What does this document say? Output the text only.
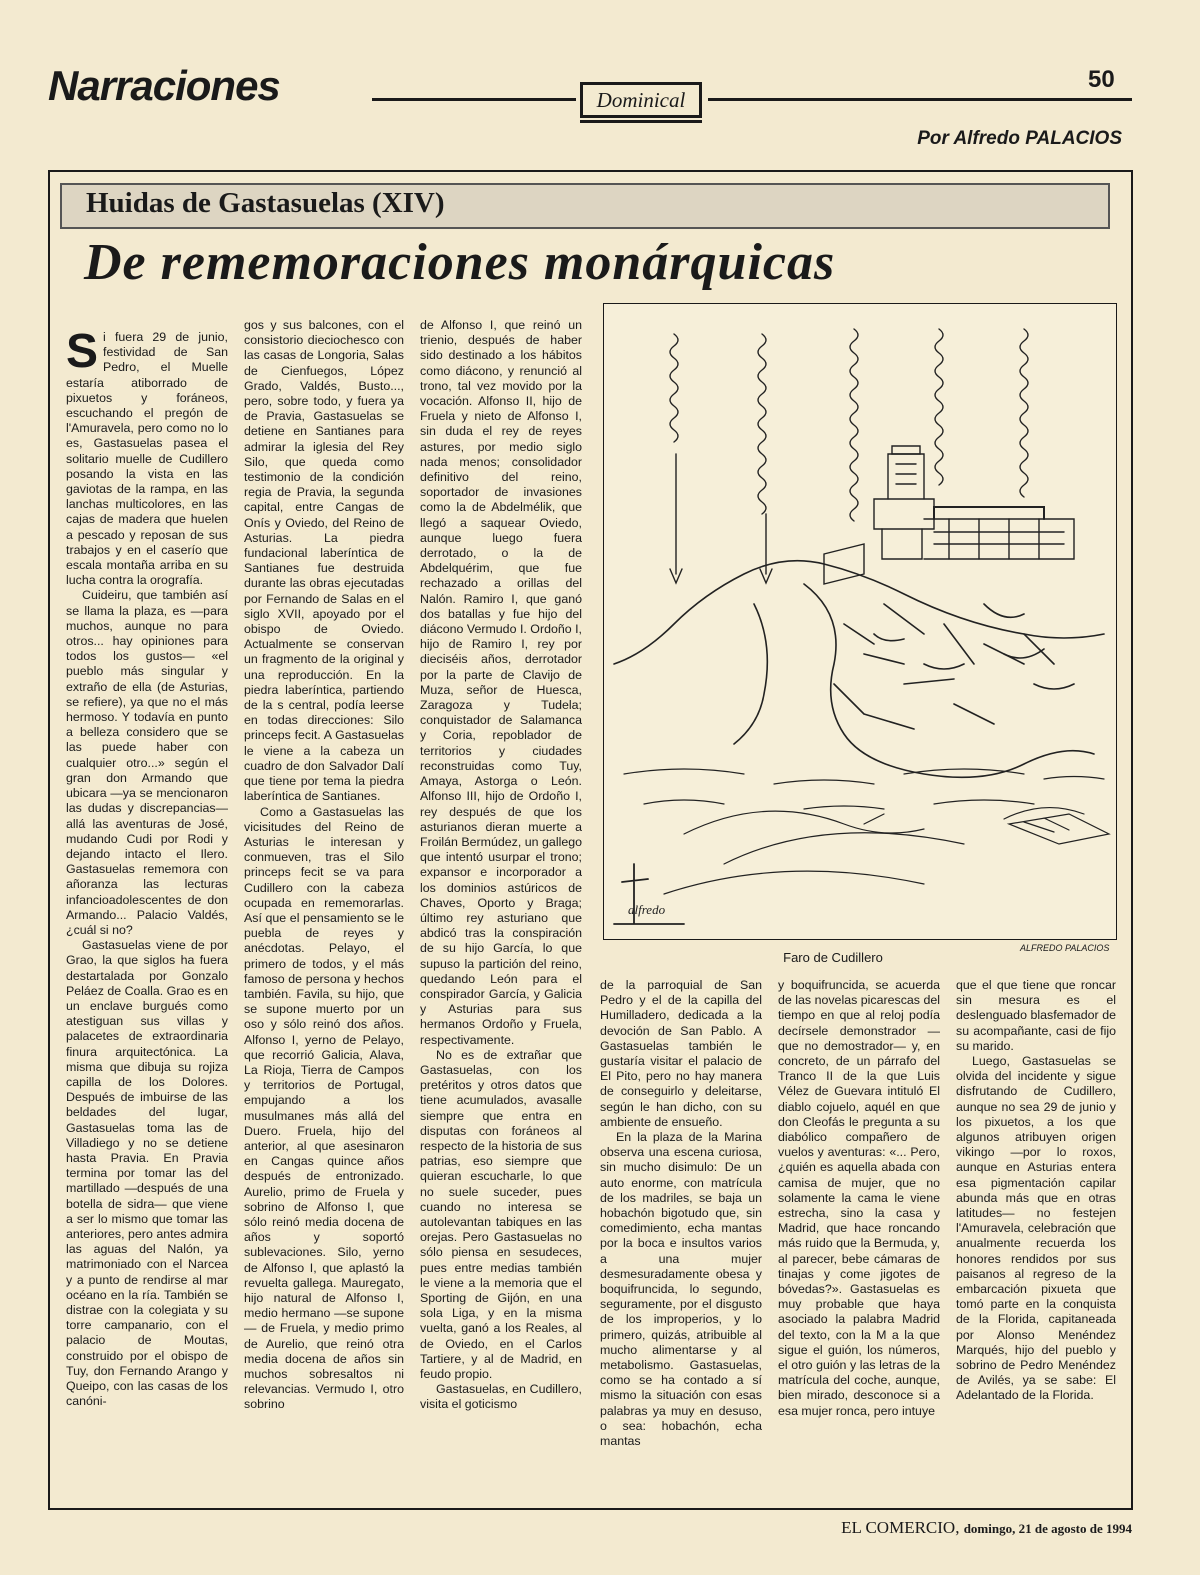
Narraciones	Dominical
50
Por Alfredo PALACIOS
Huidas de Gastasuelas (XIV)
De rememoraciones monárquicas
S i fuera 29 de junio, festividad de San Pedro, el Muelle estaría atiborrado de pixuetos y foráneos, escuchando el pregón de l'Amuravela, pero como no lo es, Gastasuelas pasea el solitario muelle de Cudillero posando la vista en las gaviotas de la rampa, en las lanchas multicolores, en las cajas de madera que huelen a pescado y reposan de sus trabajos y en el caserío que escala montaña arriba en su lucha contra la orografía.

Cuideiru, que también así se llama la plaza, es —para muchos, aunque no para otros... hay opiniones para todos los gustos— «el pueblo más singular y extraño de ella (de Asturias, se refiere), ya que no el más hermoso. Y todavía en punto a belleza considero que se las puede haber con cualquier otro...» según el gran don Armando que ubicara —ya se mencionaron las dudas y discrepancias— allá las aventuras de José, mudando Cudi por Rodi y dejando intacto el Ilero. Gastasuelas rememora con añoranza las lecturas infancioadolescentes de don Armando... Palacio Valdés, ¿cuál si no?

Gastasuelas viene de por Grao, la que siglos ha fuera destartalada por Gonzalo Peláez de Coalla. Grao es en un enclave burgués como atestiguan sus villas y palacetes de extraordinaria finura arquitectónica. La misma que dibuja su rojiza capilla de los Dolores. Después de imbuirse de las beldades del lugar, Gastasuelas toma las de Villadiego y no se detiene hasta Pravia. En Pravia termina por tomar las del martillado —después de una botella de sidra— que viene a ser lo mismo que tomar las anteriores, pero antes admira las aguas del Nalón, ya matrimoniado con el Narcea y a punto de rendirse al mar océano en la ría. También se distrae con la colegiata y su torre campanario, con el palacio de Moutas, construido por el obispo de Tuy, don Fernando Arango y Queipo, con las casas de los canóni-

gos y sus balcones, con el consistorio dieciochesco con las casas de Longoria, Salas de Cienfuegos, López Grado, Valdés, Busto..., pero, sobre todo, y fuera ya de Pravia, Gastasuelas se detiene en Santianes para admirar la iglesia del Rey Silo, que queda como testimonio de la condición regia de Pravia, la segunda capital, entre Cangas de Onís y Oviedo, del Reino de Asturias. La piedra fundacional laberíntica de Santianes fue destruida durante las obras ejecutadas por Fernando de Salas en el siglo XVII, apoyado por el obispo de Oviedo. Actualmente se conservan un fragmento de la original y una reproducción. En la piedra laberíntica, partiendo de la s central, podía leerse en todas direcciones: Silo princeps fecit. A Gastasuelas le viene a la cabeza un cuadro de don Salvador Dalí que tiene por tema la piedra laberíntica de Santianes.

Como a Gastasuelas las vicisitudes del Reino de Asturias le interesan y conmueven, tras el Silo princeps fecit se va para Cudillero con la cabeza ocupada en rememorarlas. Así que el pensamiento se le puebla de reyes y anécdotas. Pelayo, el primero de todos, y el más famoso de persona y hechos también. Favila, su hijo, que se supone muerto por un oso y sólo reinó dos años. Alfonso I, yerno de Pelayo, que recorrió Galicia, Alava, La Rioja, Tierra de Campos y territorios de Portugal, empujando a los musulmanes más allá del Duero. Fruela, hijo del anterior, al que asesinaron en Cangas quince años después de entronizado. Aurelio, primo de Fruela y sobrino de Alfonso I, que sólo reinó media docena de años y soportó sublevaciones. Silo, yerno de Alfonso I, que aplastó la revuelta gallega. Mauregato, hijo natural de Alfonso I, medio hermano —se supone— de Fruela, y medio primo de Aurelio, que reinó otra media docena de años sin muchos sobresaltos ni relevancias. Vermudo I, otro sobrino

de Alfonso I, que reinó un trienio, después de haber sido destinado a los hábitos como diácono, y renunció al trono, tal vez movido por la vocación. Alfonso II, hijo de Fruela y nieto de Alfonso I, sin duda el rey de reyes astures, por medio siglo nada menos; consolidador definitivo del reino, soportador de invasiones como la de Abdelmélik, que llegó a saquear Oviedo, aunque luego fuera derrotado, o la de Abdelquérim, que fue rechazado a orillas del Nalón. Ramiro I, que ganó dos batallas y fue hijo del diácono Vermudo I. Ordoño I, hijo de Ramiro I, rey por dieciséis años, derrotador por la parte de Clavijo de Muza, señor de Huesca, Zaragoza y Tudela; conquistador de Salamanca y Coria, repoblador de territorios y ciudades reconstruidas como Tuy, Amaya, Astorga o León. Alfonso III, hijo de Ordoño I, rey después de que los asturianos dieran muerte a Froilán Bermúdez, un gallego que intentó usurpar el trono; expansor e incorporador a los dominios astúricos de Chaves, Oporto y Braga; último rey asturiano que abdicó tras la conspiración de su hijo García, lo que supuso la partición del reino, quedando León para el conspirador García, y Galicia y Asturias para sus hermanos Ordoño y Fruela, respectivamente.

No es de extrañar que Gastasuelas, con los pretéritos y otros datos que tiene acumulados, avasalle siempre que entra en disputas con foráneos al respecto de la historia de sus patrias, eso siempre que quieran escucharle, lo que no suele suceder, pues cuando no interesa se autolevantan tabiques en las orejas. Pero Gastasuelas no sólo piensa en sesudeces, pues entre medias también le viene a la memoria que el Sporting de Gijón, en una sola Liga, y en la misma vuelta, ganó a los Reales, al de Oviedo, en el Carlos Tartiere, y al de Madrid, en feudo propio.

Gastasuelas, en Cudillero, visita el goticismo

alfredo
Faro de Cudillero
ALFREDO PALACIOS

de la parroquial de San Pedro y el de la capilla del Humilladero, dedicada a la devoción de San Pablo. A Gastasuelas también le gustaría visitar el palacio de El Pito, pero no hay manera de conseguirlo y deleitarse, según le han dicho, con su ambiente de ensueño.

En la plaza de la Marina observa una escena curiosa, sin mucho disimulo: De un auto enorme, con matrícula de los madriles, se baja un hobachón bigotudo que, sin comedimiento, echa mantas por la boca e insultos varios a una mujer desmesuradamente obesa y boquifruncida, lo segundo, seguramente, por el disgusto de los improperios, y lo primero, quizás, atribuible al mucho alimentarse y al metabolismo. Gastasuelas, como se ha contado a sí mismo la situación con esas palabras ya muy en desuso, o sea: hobachón, echa mantas

y boquifruncida, se acuerda de las novelas picarescas del tiempo en que al reloj podía decírsele demonstrador —que no demostrador— y, en concreto, de un párrafo del Tranco II de la que Luis Vélez de Guevara intituló El diablo cojuelo, aquél en que don Cleofás le pregunta a su diabólico compañero de vuelos y aventuras: «... Pero, ¿quién es aquella abada con camisa de mujer, que no solamente la cama le viene estrecha, sino la casa y Madrid, que hace roncando más ruido que la Bermuda, y, al parecer, bebe cámaras de tinajas y come jigotes de bóvedas?». Gastasuelas es muy probable que haya asociado la palabra Madrid del texto, con la M a la que sigue el guión, los números, el otro guión y las letras de la matrícula del coche, aunque, bien mirado, desconoce si a esa mujer ronca, pero intuye

que el que tiene que roncar sin mesura es el deslenguado blasfemador de su acompañante, casi de fijo su marido.

Luego, Gastasuelas se olvida del incidente y sigue disfrutando de Cudillero, aunque no sea 29 de junio y los pixuetos, a los que algunos atribuyen origen vikingo —por lo roxos, aunque en Asturias entera esa pigmentación capilar abunda más que en otras latitudes— no festejen l'Amuravela, celebración que anualmente recuerda los honores rendidos por sus paisanos al regreso de la embarcación pixueta que tomó parte en la conquista de la Florida, capitaneada por Alonso Menéndez Marqués, hijo del pueblo y sobrino de Pedro Menéndez de Avilés, ya se sabe: El Adelantado de la Florida.

EL COMERCIO, domingo, 21 de agosto de 1994
